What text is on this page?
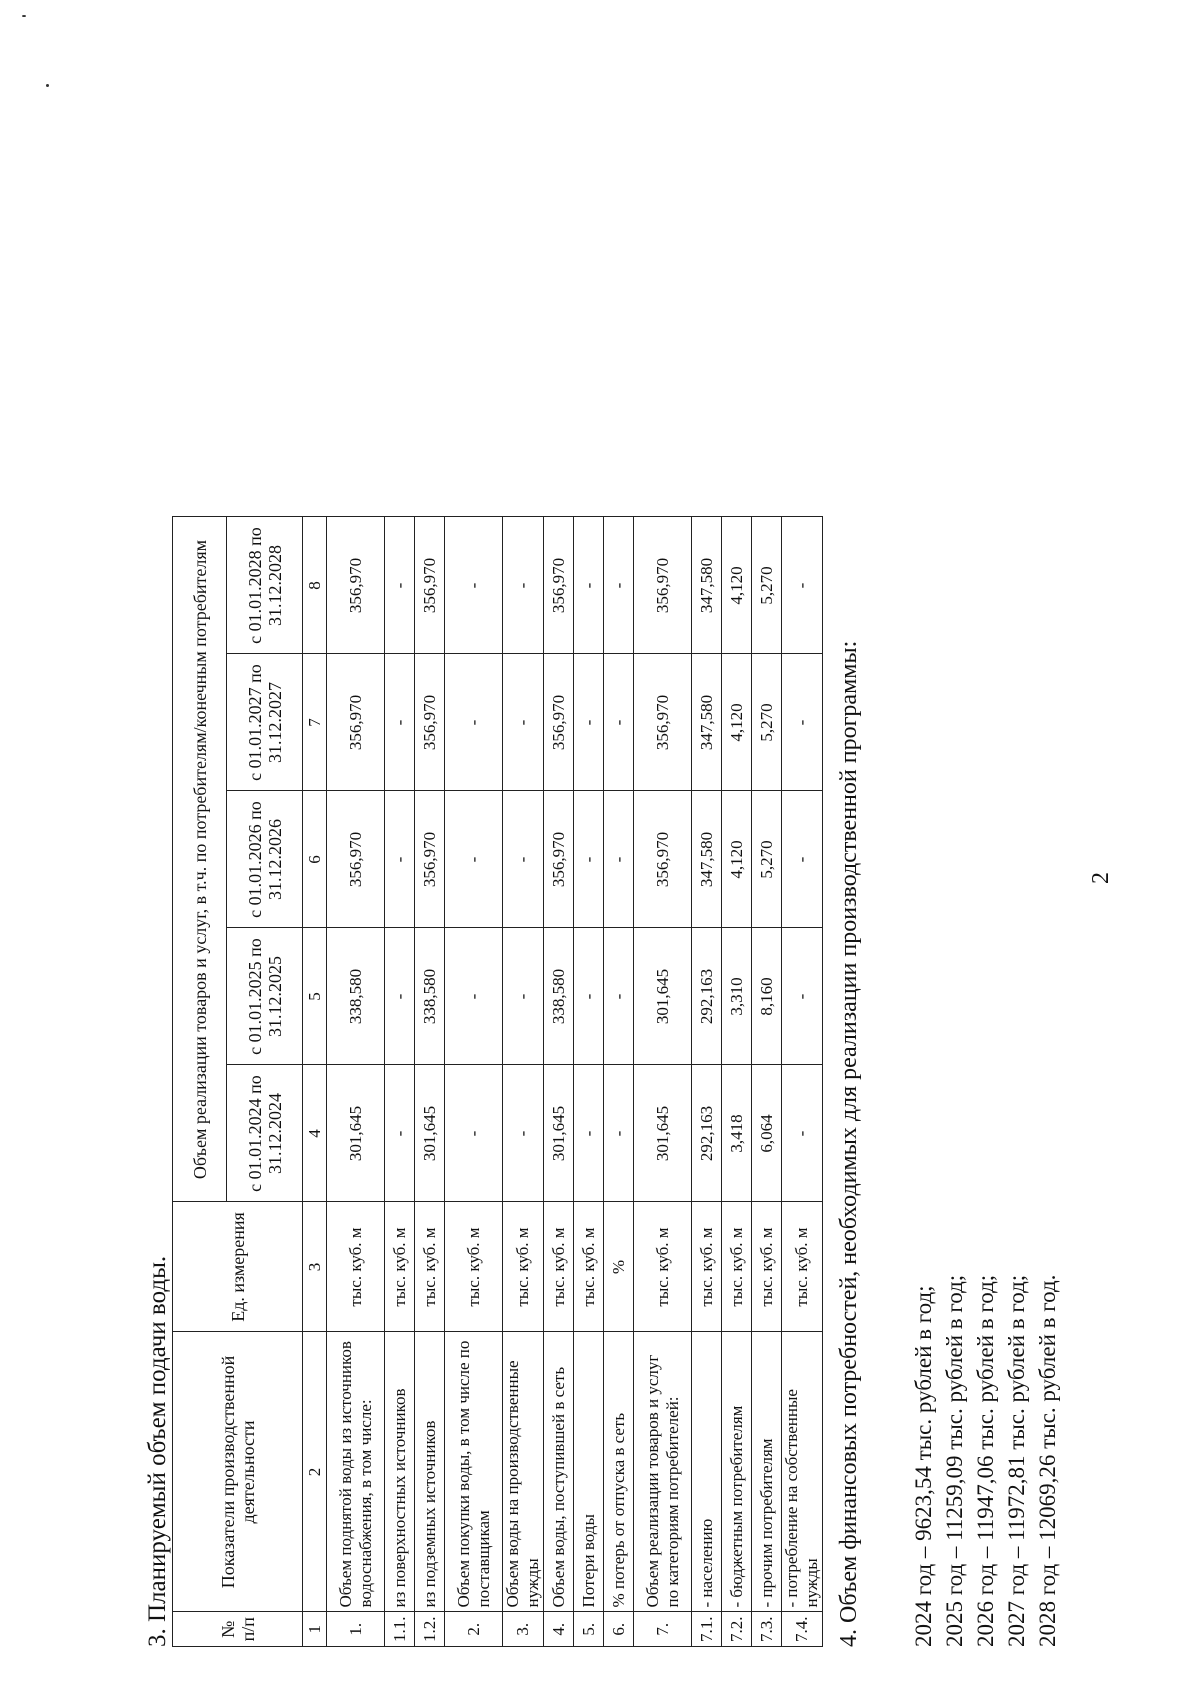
2
3. Планируемый объем подачи воды.	№ п/п	Показатели производственной деятельности	Ед. измерения	Объем реализации товаров и услуг, в т.ч. по потребителям/конечным потребителям				
			с 01.01.2024 по 31.12.2024	с 01.01.2025 по 31.12.2025	с 01.01.2026 по 31.12.2026	с 01.01.2027 по 31.12.2027	с 01.01.2028 по 31.12.2028
1	2	3	4	5	6	7	8
1.	Объем поднятой воды из источников водоснабжения, в том числе:	тыс. куб. м	301,645	338,580	356,970	356,970	356,970
1.1.	из поверхностных источников	тыс. куб. м	-	-	-	-	-
1.2.	из подземных источников	тыс. куб. м	301,645	338,580	356,970	356,970	356,970
2.	Объем покупки воды, в том числе по поставщикам	тыс. куб. м	-	-	-	-	-
3.	Объем воды на производственные нужды	тыс. куб. м	-	-	-	-	-
4.	Объем воды, поступившей в сеть	тыс. куб. м	301,645	338,580	356,970	356,970	356,970
5.	Потери воды	тыс. куб. м	-	-	-	-	-
6.	% потерь от отпуска в сеть	%	-	-	-	-	-
7.	Объем реализации товаров и услуг по категориям потребителей:	тыс. куб. м	301,645	301,645	356,970	356,970	356,970
7.1.	- населению	тыс. куб. м	292,163	292,163	347,580	347,580	347,580
7.2.	- бюджетным потребителям	тыс. куб. м	3,418	3,310	4,120	4,120	4,120
7.3.	- прочим потребителям	тыс. куб. м	6,064	8,160	5,270	5,270	5,270
7.4.	- потребление на собственные нужды	тыс. куб. м	-	-	-	-	-
4. Объем финансовых потребностей, необходимых для реализации производственной программы: 2024 год – 9623,54 тыс. рублей в год; 2025 год – 11259,09 тыс. рублей в год; 2026 год – 11947,06 тыс. рублей в год; 2027 год – 11972,81 тыс. рублей в год; 2028 год – 12069,26 тыс. рублей в год.
